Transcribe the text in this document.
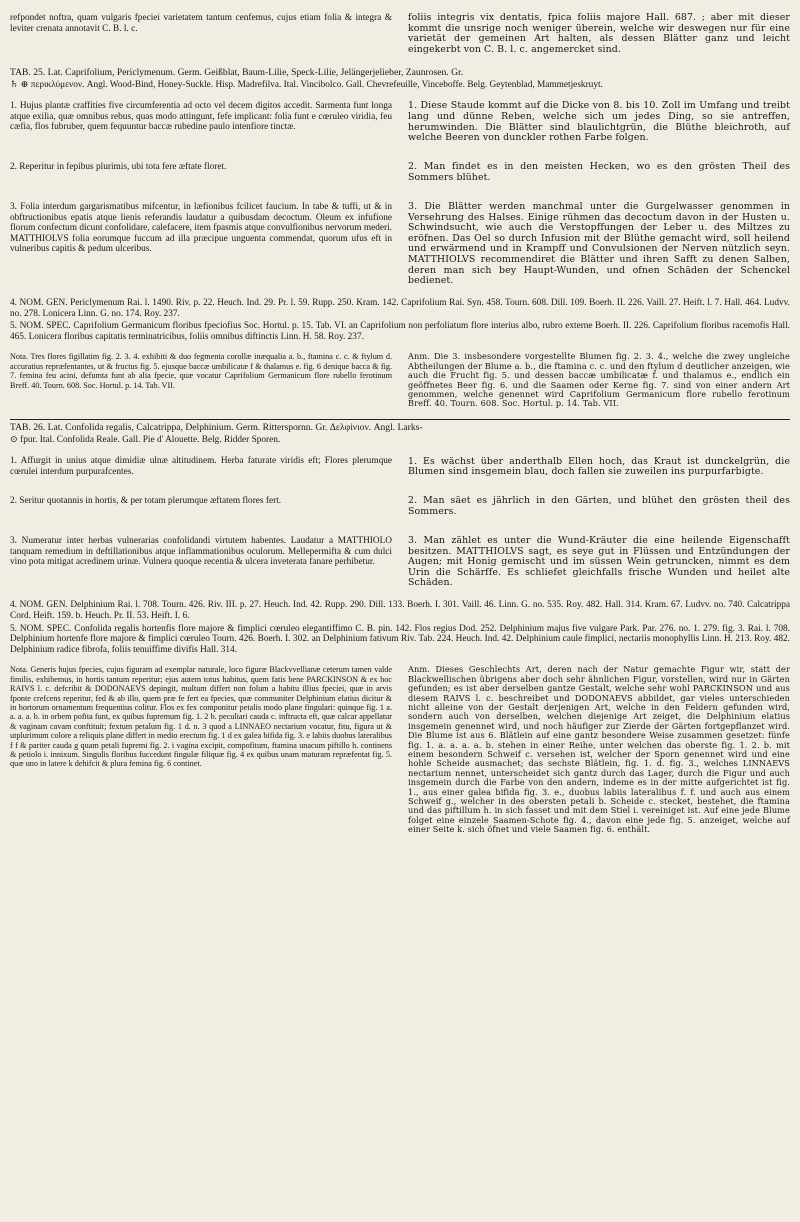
refpondet noftra, quam vulgaris fpeciei varietatem tantum cenfemus, cujus etiam folia & integra & leviter crenata annotavit C. B. l. c.

foliis integris vix dentatis, fpica foliis majore Hall. 687. ; aber mit dieser kommt die unsrige noch weniger überein, welche wir deswegen nur für eine varietät der gemeinen Art halten, als dessen Blätter ganz und leicht eingekerbt von C. B. l. c. angemercket sind.

TAB. 25. Lat. Caprifolium, Periclymenum. Germ. Geißblat, Baum-Lilie, Speck-Lilie, Jelängerjelieber, Zaunrosen. Gr.

♄ ⊕ περικλύμενον. Angl. Wood-Bind, Honey-Suckle. Hisp. Madrefilva. Ital. Vincibolco. Gall. Chevrefeuille, Vinceboffe. Belg. Geytenblad, Mammetjeskruyt.

1. Hujus plantæ craffities five circumferentia ad octo vel decem digitos accedit. Sarmenta funt longa atque exilia, quæ omnibus rebus, quas modo attingunt, fefe implicant: folia funt e cœruleo viridia, feu cæfia, flos fubruber, quem fequuntur baccæ rubedine paulo intenfiore tinctæ.

1. Diese Staude kommt auf die Dicke von 8. bis 10. Zoll im Umfang und treibt lang und dünne Reben, welche sich um jedes Ding, so sie antreffen, herumwinden. Die Blätter sind blaulichtgrün, die Blüthe bleichroth, auf welche Beeren von dunckler rothen Farbe folgen.

2. Reperitur in fepibus plurimis, ubi tota fere æftate floret.	2. Man findet es in den meisten Hecken, wo es den grösten Theil des Sommers blühet.

3. Folia interdum gargarismatibus mifcentur, in læfionibus fcilicet faucium. In tabe & tuffi, ut & in obftructionibus epatis atque lienis referandis laudatur a quibusdam decoctum. Oleum ex infufione florum confectum dicunt confolidare, calefacere, item fpasmis atque convulfionibus nervorum mederi. MATTHIOLVS folia eorumque fuccum ad illa præcipue unguenta commendat, quorum ufus eft in vulneribus capitis & pedum ulceribus.

3. Die Blätter werden manchmal unter die Gurgelwasser genommen in Versehrung des Halses. Einige rühmen das decoctum davon in der Husten u. Schwindsucht, wie auch die Verstopffungen der Leber u. des Miltzes zu eröfnen. Das Oel so durch Infusion mit der Blüthe gemacht wird, soll heilend und erwärmend und in Krampff und Convulsionen der Nerven nützlich seyn. MATTHIOLVS recommendiret die Blätter und ihren Safft zu denen Salben, deren man sich bey Haupt-Wunden, und ofnen Schäden der Schenckel bedienet.

4. NOM. GEN. Periclymenum Rai. l. 1490. Riv. p. 22. Heuch. Ind. 29. Pr. l. 59. Rupp. 250. Kram. 142. Caprifolium Rai. Syn. 458. Tourn. 608. Dill. 109. Boerh. II. 226. Vaill. 27. Heift. l. 7. Hall. 464. Ludvv. no. 278. Lonicera Linn. G. no. 174. Roy. 237.

5. NOM. SPEC. Caprifolium Germanicum floribus fpeciofius Soc. Hortul. p. 15. Tab. VI. an Caprifolium non perfoliatum flore interius albo, rubro externe Boerh. II. 226. Caprifolium floribus racemofis Hall. 465. Lonicera floribus capitatis terminatricibus, foliis omnibus diftinctis Linn. H. 58. Roy. 237.

Nota. Tres flores figillatim fig. 2. 3. 4. exhibiti & duo fegmenta corollæ inæqualia a. b., ftamina c. c. & ftylum d. accuratius repræfentantes, ut & fructus fig. 5. ejusque baccæ umbilicatæ f & thalamus e. fig. 6 denique bacca & fig. 7. femina feu acini, defumta funt ab alia fpecie, quæ vocatur Caprifolium Germanicum flore rubello ferotinum Breff. 40. Tourn. 608. Soc. Hortul. p. 14. Tab. VII.

Anm. Die 3. insbesondere vorgestellte Blumen fig. 2. 3. 4., welche die zwey ungleiche Abtheilungen der Blume a. b., die ftamina c. c. und den ftylum d deutlicher anzeigen, wie auch die Frucht fig. 5. und dessen baccæ umbilicatæ f. und thalamus e., endlich ein geöffnetes Beer fig. 6. und die Saamen oder Kerne fig. 7. sind von einer andern Art genommen, welche genennet wird Caprifolium Germanicum flore rubello ferotinum Breff. 40. Tourn. 608. Soc. Hortul. p. 14. Tab. VII.

TAB. 26. Lat. Confolida regalis, Calcatrippa, Delphinium. Germ. Ritterspornn. Gr. Δελφίνιον. Angl. Larks-

⊙ fpur. Ital. Confolida Reale. Gall. Pie d' Alouette. Belg. Ridder Sporen.

1. Affurgit in unius atque dimidiæ ulnæ altitudinem. Herba faturate viridis eft; Flores plerumque cœrulei interdum purpurafcentes.

1. Es wächst über anderthalb Ellen hoch, das Kraut ist dunckelgrün, die Blumen sind insgemein blau, doch fallen sie zuweilen ins purpurfarbigte.

2. Seritur quotannis in hortis, & per totam plerumque æftatem flores fert.	2. Man säet es jährlich in den Gärten, und blühet den grösten theil des Sommers.

3. Numeratur inter herbas vulnerarias confolidandi virtutem habentes. Laudatur a MATTHIOLO tanquam remedium in deftillationibus atque inflammationibus oculorum. Mellepermifta & cum dulci vino pota mitigat acredinem urinæ. Vulnera quoque recentia & ulcera inveterata fanare perhibetur.

3. Man zählet es unter die Wund-Kräuter die eine heilende Eigenschafft besitzen. MATTHIOLVS sagt, es seye gut in Flüssen und Entzündungen der Augen; mit Honig gemischt und im süssen Wein getruncken, nimmt es dem Urin die Schärffe. Es schliefet gleichfalls frische Wunden und heilet alte Schäden.

4. NOM. GEN. Delphinium Rai. l. 708. Tourn. 426. Riv. III. p. 27. Heuch. Ind. 42. Rupp. 290. Dill. 133. Boerh. I. 301. Vaill. 46. Linn. G. no. 535. Roy. 482. Hall. 314. Kram. 67. Ludvv. no. 740. Calcatrippa Cord. Heift. 159. b. Heuch. Pr. II. 53. Heift. I. 6.

5. NOM. SPEC. Confolida regalis hortenfis flore majore & fimplici cœruleo elegantiffimo C. B. pin. 142. Flos regius Dod. 252. Delphinium majus five vulgare Park. Par. 276. no. 1. 279. fig. 3. Rai. l. 708. Delphinium hortenfe flore majore & fimplici cœruleo Tourn. 426. Boerh. I. 302. an Delphinium fativum Riv. Tab. 224. Heuch. Ind. 42. Delphinium caule fimplici, nectariis monophyllis Linn. H. 213. Roy. 482. Delphinium radice fibrofa, foliis tenuiffime divifis Hall. 314.

Nota. Generis hujus fpecies, cujus figuram ad exemplar naturale, loco figuræ Blackvvellianæ ceterum tamen valde fimilis, exhibemus, in hortis tantum reperitur; ejus autem totus habitus, quem fatis bene PARCKINSON & ex hoc RAIVS l. c. defcribit & DODONAEVS depingit, multum differt non folum a habitu illius fpeciei, quæ in arvis fponte crefcens reperitur, fed & ab illo, quem præ fe fert ea fpecies, quæ communiter Delphinium elatius dicitur & in hortorum ornamentum frequentius colitur. Flos ex fex componitur petalis modo plane fingulari: quinque fig. 1 a. a. a. a. b. in orbem pofita funt, ex quibus fupremum fig. 1. 2 b. peculiari cauda c. inftructa eft, quæ calcar appellatur & vaginam cavam conftituit; fextum petalum fig. 1 d. n. 3 quod a LINNAEO nectarium vocatur, fitu, figura ut & utplurimum colore a reliquis plane differt in medio erectum fig. 1 d ex galea bifida fig. 3. e labiis duobus lateralibus f f & pariter cauda g quam petali fupremi fig. 2. i vagina excipit, compofitum, ftamina unacum piftillo h. continens & petiolo i. innixum. Singulis floribus fuccedunt fingulæ filiquæ fig. 4 ex quibus unam maturam repræfentat fig. 5. quæ uno in latere k dehifcit & plura femina fig. 6 continet.

Anm. Dieses Geschlechts Art, deren nach der Natur gemachte Figur wir, statt der Blackwellischen übrigens aber doch sehr ähnlichen Figur, vorstellen, wird nur in Gärten gefunden; es ist aber derselben gantze Gestalt, welche sehr wohl PARCKINSON und aus diesem RAIVS l. c. beschreibet und DODONAEVS abbildet, gar vieles unterschieden nicht alleine von der Gestalt derjenigen Art, welche in den Feldern gefunden wird, sondern auch von derselben, welchen diejenige Art zeiget, die Delphinium elatius insgemein genennet wird, und noch häufiger zur Zierde der Gärten fortgepflanzet wird. Die Blume ist aus 6. Blätlein auf eine gantz besondere Weise zusammen gesetzet: fünfe fig. 1. a. a. a. a. b. stehen in einer Reihe, unter welchen das oberste fig. 1. 2. b. mit einem besondern Schweif c. versehen ist, welcher der Sporn genennet wird und eine hohle Scheide ausmachet; das sechste Blätlein, fig. 1. d. fig. 3., welches LINNAEVS nectarium nennet, unterscheidet sich gantz durch das Lager, durch die Figur und auch insgemein durch die Farbe von den andern, indeme es in der mitte aufgerichtet ist fig. 1., aus einer galea bifida fig. 3. e., duobus labiis lateralibus f. f. und auch aus einem Schweif g., welcher in des obersten petali b. Scheide c. stecket, bestehet, die ftamina und das piftillum h. in sich fasset und mit dem Stiel i. vereiniget ist. Auf eine jede Blume folget eine einzele Saamen-Schote fig. 4., davon eine jede fig. 5. anzeiget, welche auf einer Seite k. sich öfnet und viele Saamen fig. 6. enthält.
